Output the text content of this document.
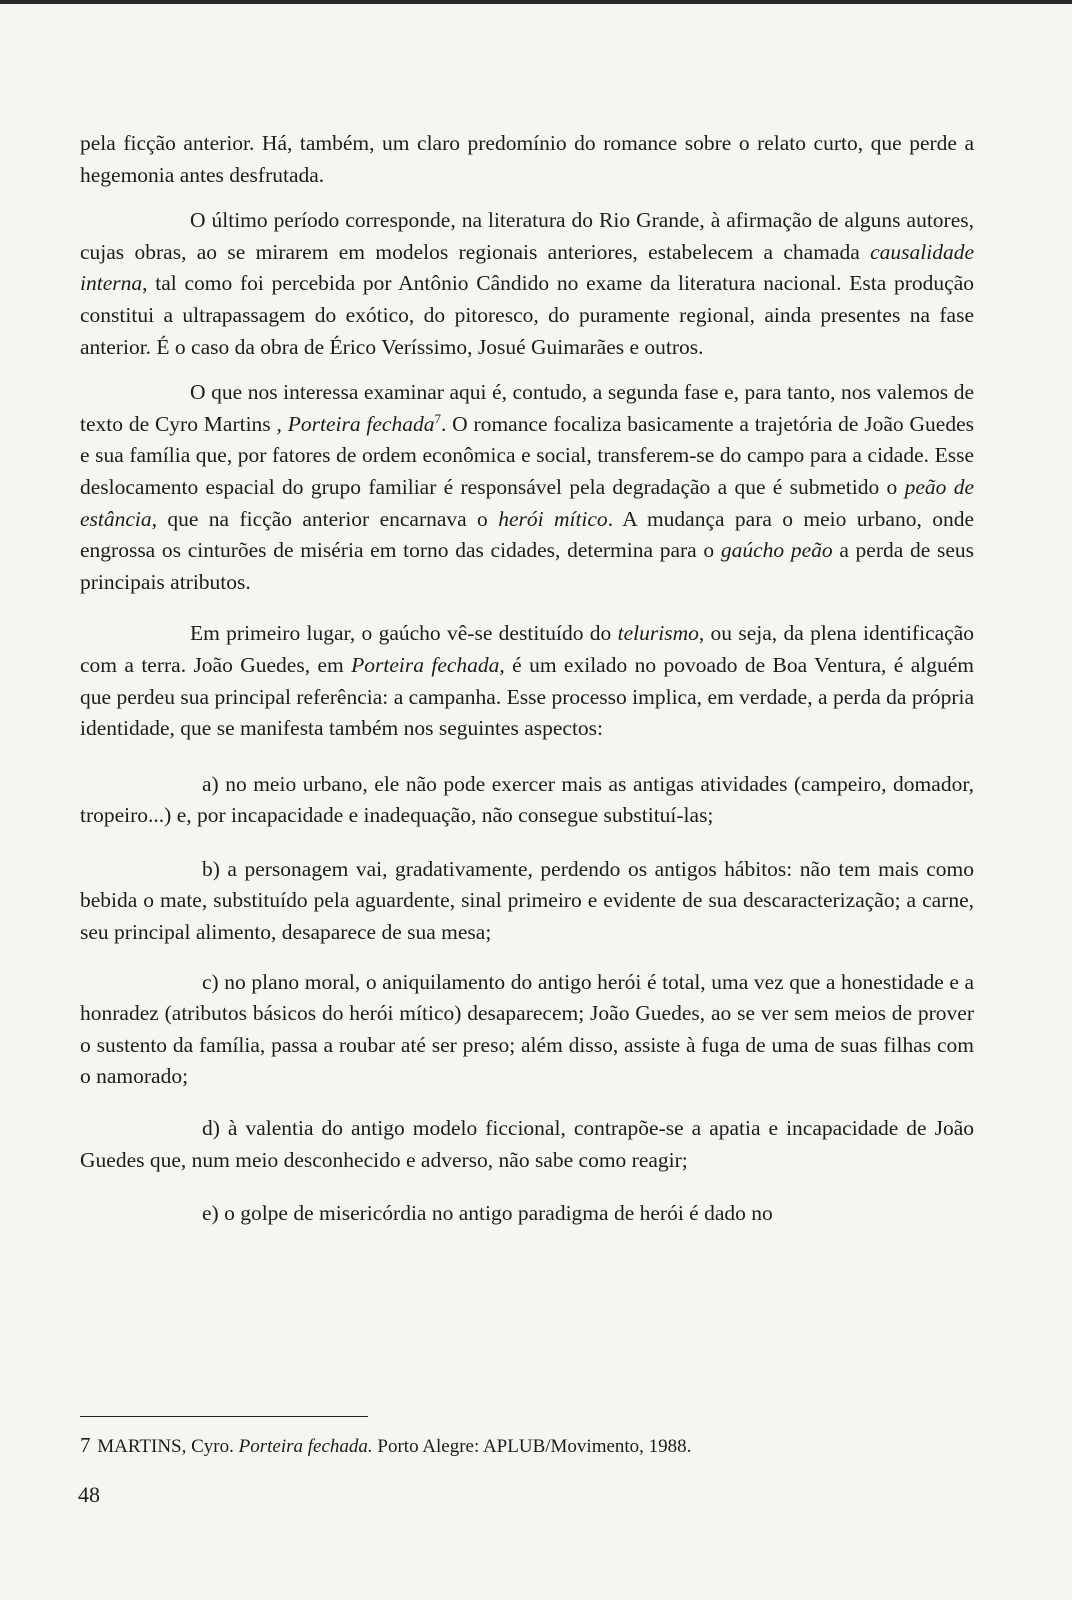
pela ficção anterior. Há, também, um claro predomínio do romance sobre o relato curto, que perde a hegemonia antes desfrutada.

O último período corresponde, na literatura do Rio Grande, à afirmação de alguns autores, cujas obras, ao se mirarem em modelos regionais anteriores, estabelecem a chamada causalidade interna, tal como foi percebida por Antônio Cândido no exame da literatura nacional. Esta produção constitui a ultrapassagem do exótico, do pitoresco, do puramente regional, ainda presentes na fase anterior. É o caso da obra de Érico Veríssimo, Josué Guimarães e outros.

O que nos interessa examinar aqui é, contudo, a segunda fase e, para tanto, nos valemos de texto de Cyro Martins , Porteira fechada$^7$. O romance focaliza basicamente a trajetória de João Guedes e sua família que, por fatores de ordem econômica e social, transferem-se do campo para a cidade. Esse deslocamento espacial do grupo familiar é responsável pela degradação a que é submetido o peão de estância, que na ficção anterior encarnava o herói mítico. A mudança para o meio urbano, onde engrossa os cinturões de miséria em torno das cidades, determina para o gaúcho peão a perda de seus principais atributos.

Em primeiro lugar, o gaúcho vê-se destituído do telurismo, ou seja, da plena identificação com a terra. João Guedes, em Porteira fechada, é um exilado no povoado de Boa Ventura, é alguém que perdeu sua principal referência: a campanha. Esse processo implica, em verdade, a perda da própria identidade, que se manifesta também nos seguintes aspectos:

a) no meio urbano, ele não pode exercer mais as antigas atividades (campeiro, domador, tropeiro...) e, por incapacidade e inadequação, não consegue substituí-las;

b) a personagem vai, gradativamente, perdendo os antigos hábitos: não tem mais como bebida o mate, substituído pela aguardente, sinal primeiro e evidente de sua descaracterização; a carne, seu principal alimento, desaparece de sua mesa;

c) no plano moral, o aniquilamento do antigo herói é total, uma vez que a honestidade e a honradez (atributos básicos do herói mítico) desaparecem; João Guedes, ao se ver sem meios de prover o sustento da família, passa a roubar até ser preso; além disso, assiste à fuga de uma de suas filhas com o namorado;

d) à valentia do antigo modelo ficcional, contrapõe-se a apatia e incapacidade de João Guedes que, num meio desconhecido e adverso, não sabe como reagir;

e) o golpe de misericórdia no antigo paradigma de herói é dado no

7 MARTINS, Cyro. Porteira fechada. Porto Alegre: APLUB/Movimento, 1988.
48
